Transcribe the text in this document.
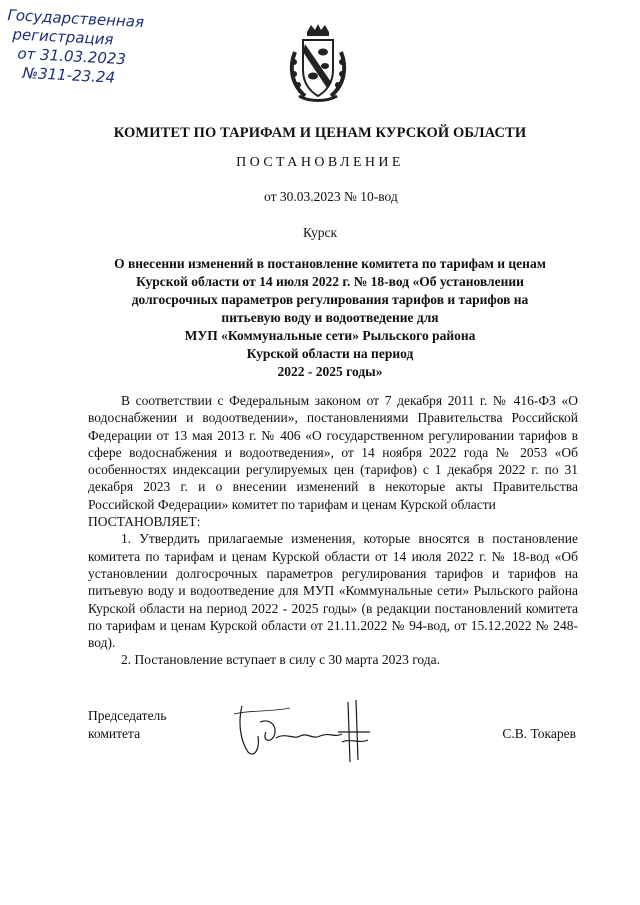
Государственная
регистрация
от 31.03.2023
№311-23.24
КОМИТЕТ ПО ТАРИФАМ И ЦЕНАМ КУРСКОЙ ОБЛАСТИ
ПОСТАНОВЛЕНИЕ
от 30.03.2023 № 10-вод
Курск
О внесении изменений в постановление комитета по тарифам и ценам
Курской области от 14 июля 2022 г. № 18-вод «Об установлении
долгосрочных параметров регулирования тарифов и тарифов на
питьевую воду и водоотведение для
МУП «Коммунальные сети» Рыльского района
Курской области на период
2022 - 2025 годы»

В соответствии с Федеральным законом от 7 декабря 2011 г. № 416-ФЗ «О водоснабжении и водоотведении», постановлениями Правительства Российской Федерации от 13 мая 2013 г. № 406 «О государственном регулировании тарифов в сфере водоснабжения и водоотведения», от 14 ноября 2022 года № 2053 «Об особенностях индексации регулируемых цен (тарифов) с 1 декабря 2022 г. по 31 декабря 2023 г. и о внесении изменений в некоторые акты Правительства Российской Федерации» комитет по тарифам и ценам Курской области

ПОСТАНОВЛЯЕТ:

1. Утвердить прилагаемые изменения, которые вносятся в постановление комитета по тарифам и ценам Курской области от 14 июля 2022 г. № 18-вод «Об установлении долгосрочных параметров регулирования тарифов и тарифов на питьевую воду и водоотведение для МУП «Коммунальные сети» Рыльского района Курской области на период 2022 - 2025 годы» (в редакции постановлений комитета по тарифам и ценам Курской области от 21.11.2022 № 94-вод, от 15.12.2022 № 248-вод).

2. Постановление вступает в силу с 30 марта 2023 года.

Председатель
комитета	С.В. Токарев
